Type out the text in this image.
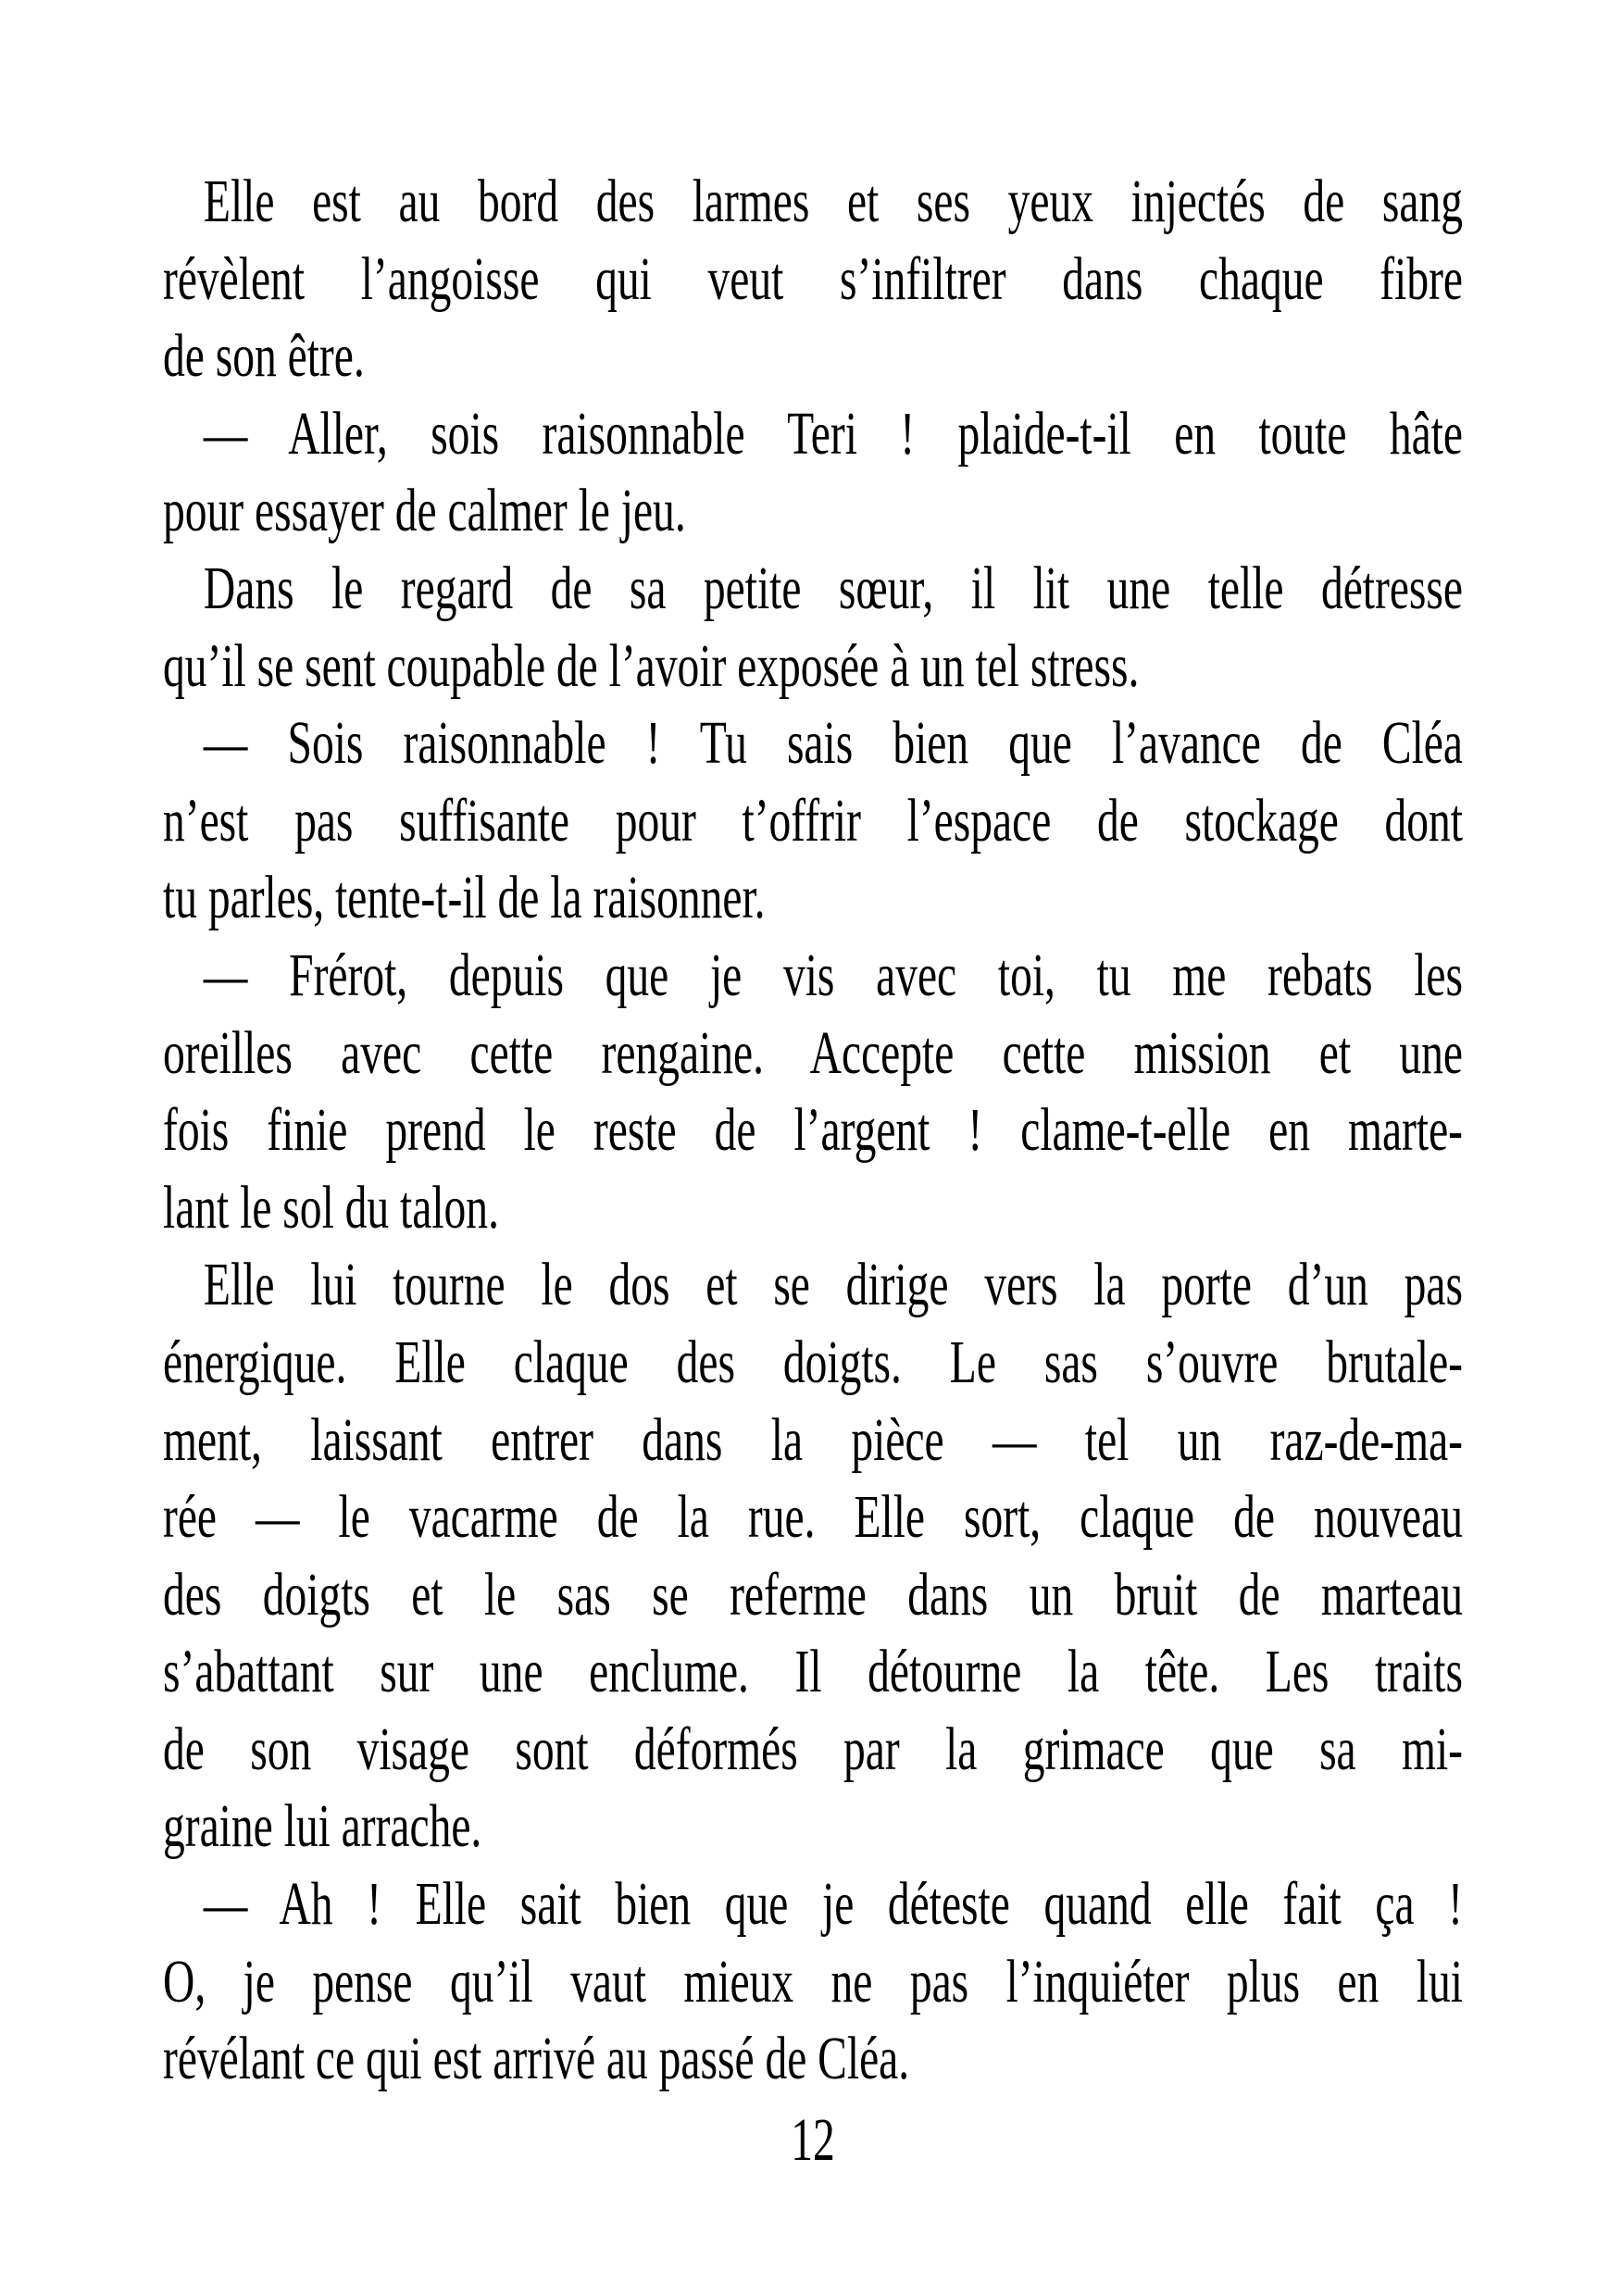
Elle est au bord des larmes et ses yeux injectés de sang
révèlent l’angoisse qui veut s’infiltrer dans chaque fibre
de son être.
— Aller, sois raisonnable Teri ! plaide-t-il en toute hâte
pour essayer de calmer le jeu.
Dans le regard de sa petite sœur, il lit une telle détresse
qu’il se sent coupable de l’avoir exposée à un tel stress.
— Sois raisonnable ! Tu sais bien que l’avance de Cléa
n’est pas suffisante pour t’offrir l’espace de stockage dont
tu parles, tente-t-il de la raisonner.
— Frérot, depuis que je vis avec toi, tu me rebats les
oreilles avec cette rengaine. Accepte cette mission et une
fois finie prend le reste de l’argent ! clame-t-elle en marte-
lant le sol du talon.
Elle lui tourne le dos et se dirige vers la porte d’un pas
énergique. Elle claque des doigts. Le sas s’ouvre brutale-
ment, laissant entrer dans la pièce — tel un raz-de-ma-
rée — le vacarme de la rue. Elle sort, claque de nouveau
des doigts et le sas se referme dans un bruit de marteau
s’abattant sur une enclume. Il détourne la tête. Les traits
de son visage sont déformés par la grimace que sa mi-
graine lui arrache.
— Ah ! Elle sait bien que je déteste quand elle fait ça !
O, je pense qu’il vaut mieux ne pas l’inquiéter plus en lui
révélant ce qui est arrivé au passé de Cléa.
12
